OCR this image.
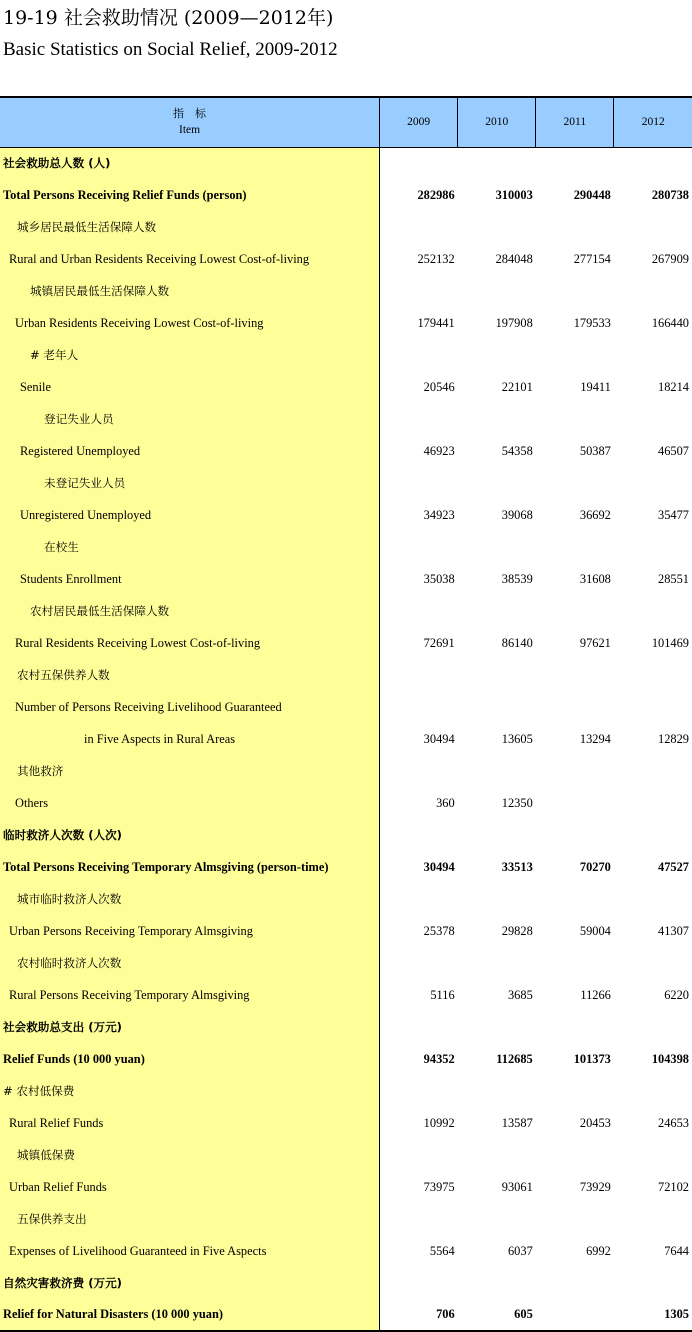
19-19 社会救助情况 (2009—2012年)
Basic Statistics on Social Relief, 2009-2012
指　标
Item	2009	2010	2011	2012
社会救助总人数 (人)				
Total Persons Receiving Relief Funds (person)	282986	310003	290448	280738
城乡居民最低生活保障人数				
Rural and Urban Residents Receiving Lowest Cost-of-living	252132	284048	277154	267909
城镇居民最低生活保障人数				
Urban Residents Receiving Lowest Cost-of-living	179441	197908	179533	166440
# 老年人				
Senile	20546	22101	19411	18214
登记失业人员				
Registered Unemployed	46923	54358	50387	46507
未登记失业人员				
Unregistered Unemployed	34923	39068	36692	35477
在校生				
Students Enrollment	35038	38539	31608	28551
农村居民最低生活保障人数				
Rural Residents Receiving Lowest Cost-of-living	72691	86140	97621	101469
农村五保供养人数				
Number of Persons Receiving Livelihood Guaranteed				
in Five Aspects in Rural Areas	30494	13605	13294	12829
其他救济				
Others	360	12350		
临时救济人次数 (人次)				
Total Persons Receiving Temporary Almsgiving (person-time)	30494	33513	70270	47527
城市临时救济人次数				
Urban Persons Receiving Temporary Almsgiving	25378	29828	59004	41307
农村临时救济人次数				
Rural Persons Receiving Temporary Almsgiving	5116	3685	11266	6220
社会救助总支出 (万元)				
Relief Funds (10 000 yuan)	94352	112685	101373	104398
# 农村低保费				
Rural Relief Funds	10992	13587	20453	24653
城镇低保费				
Urban Relief Funds	73975	93061	73929	72102
五保供养支出				
Expenses of Livelihood Guaranteed in Five Aspects	5564	6037	6992	7644
自然灾害救济费 (万元)				
Relief for Natural Disasters (10 000 yuan)	706	605		1305
